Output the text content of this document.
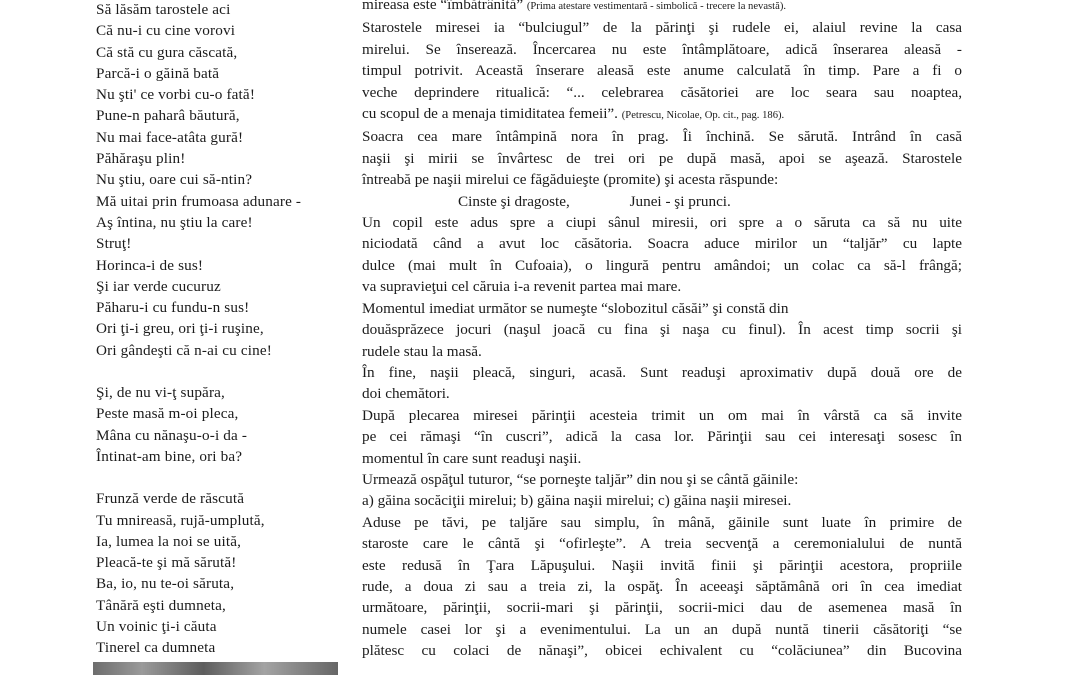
Să lăsăm tarostele aci
Că nu-i cu cine vorovi
Că stă cu gura căscată,
Parcă-i o găină bată
Nu şti' ce vorbi cu-o fată!
Pune-n paharâ băutură,
Nu mai face-atâta gură!
Păhăraşu plin!
Nu ştiu, oare cui să-ntin?
Mă uitai prin frumoasa adunare -
Aş întina, nu ştiu la care!
Struţ!
Horinca-i de sus!
Şi iar verde cucuruz
Păharu-i cu fundu-n sus!
Ori ţi-i greu, ori ţi-i ruşine,
Ori gândeşti că n-ai cu cine!
Şi, de nu vi-ţ supăra,
Peste masă m-oi pleca,
Mâna cu nănaşu-o-i da -
Întinat-am bine, ori ba?
Frunză verde de răscută
Tu mnireasă, rujă-umplută,
Ia, lumea la noi se uită,
Pleacă-te şi mă sărută!
Ba, io, nu te-oi săruta,
Tânără eşti dumneta,
Un voinic ţi-i căuta
Tinerel ca dumneta
mireasa este “îmbătrânită” (Prima atestare vestimentară - simbolică - trecere la nevastă).
Starostele miresei ia “bulciugul” de la părinţi şi rudele ei, alaiul revine la casa
mirelui. Se înserează. Încercarea nu este întâmplătoare, adică înserarea aleasă -
timpul potrivit. Această înserare aleasă este anume calculată în timp. Pare a fi o
veche deprindere ritualică: “... celebrarea căsătoriei are loc seara sau noaptea,
cu scopul de a menaja timiditatea femeii”. (Petrescu, Nicolae, Op. cit., pag. 186).
Soacra cea mare întâmpină nora în prag. Îi închină. Se sărută. Intrând în casă
naşii şi mirii se învârtesc de trei ori pe după masă, apoi se aşează. Starostele
întreabă pe naşii mirelui ce făgăduieşte (promite) şi acesta răspunde:
Cinste şi dragoste,	Junei - şi prunci.
Un copil este adus spre a ciupi sânul miresii, ori spre a o săruta ca să nu uite
niciodată când a avut loc căsătoria. Soacra aduce mirilor un “taljăr” cu lapte
dulce (mai mult în Cufoaia), o lingură pentru amândoi; un colac ca să-l frângă;
va supravieţui cel căruia i-a revenit partea mai mare.
Momentul imediat următor se numeşte “slobozitul căsăi” şi constă din
douăsprăzece jocuri (naşul joacă cu fina şi naşa cu finul). În acest timp socrii şi
rudele stau la masă.
În fine, naşii pleacă, singuri, acasă. Sunt readuşi aproximativ după două ore de
doi chemători.
După plecarea miresei părinţii acesteia trimit un om mai în vârstă ca să invite
pe cei rămaşi “în cuscri”, adică la casa lor. Părinţii sau cei interesaţi sosesc în
momentul în care sunt readuşi naşii.
Urmează ospăţul tuturor, “se porneşte taljăr” din nou şi se cântă găinile:
a) găina socăciţii mirelui; b) găina naşii mirelui; c) găina naşii miresei.
Aduse pe tăvi, pe taljăre sau simplu, în mână, găinile sunt luate în primire de
staroste care le cântă şi “ofirleşte”. A treia secvenţă a ceremonialului de nuntă
este redusă în Ţara Lăpuşului. Naşii invită finii şi părinţii acestora, propriile
rude, a doua zi sau a treia zi, la ospăţ. În aceeaşi săptămână ori în cea imediat
următoare, părinţii, socrii-mari şi părinţii, socrii-mici dau de asemenea masă în
numele casei lor şi a evenimentului. La un an după nuntă tinerii căsătoriţi “se
plătesc cu colaci de nănaşi”, obicei echivalent cu “colăciunea” din Bucovina
